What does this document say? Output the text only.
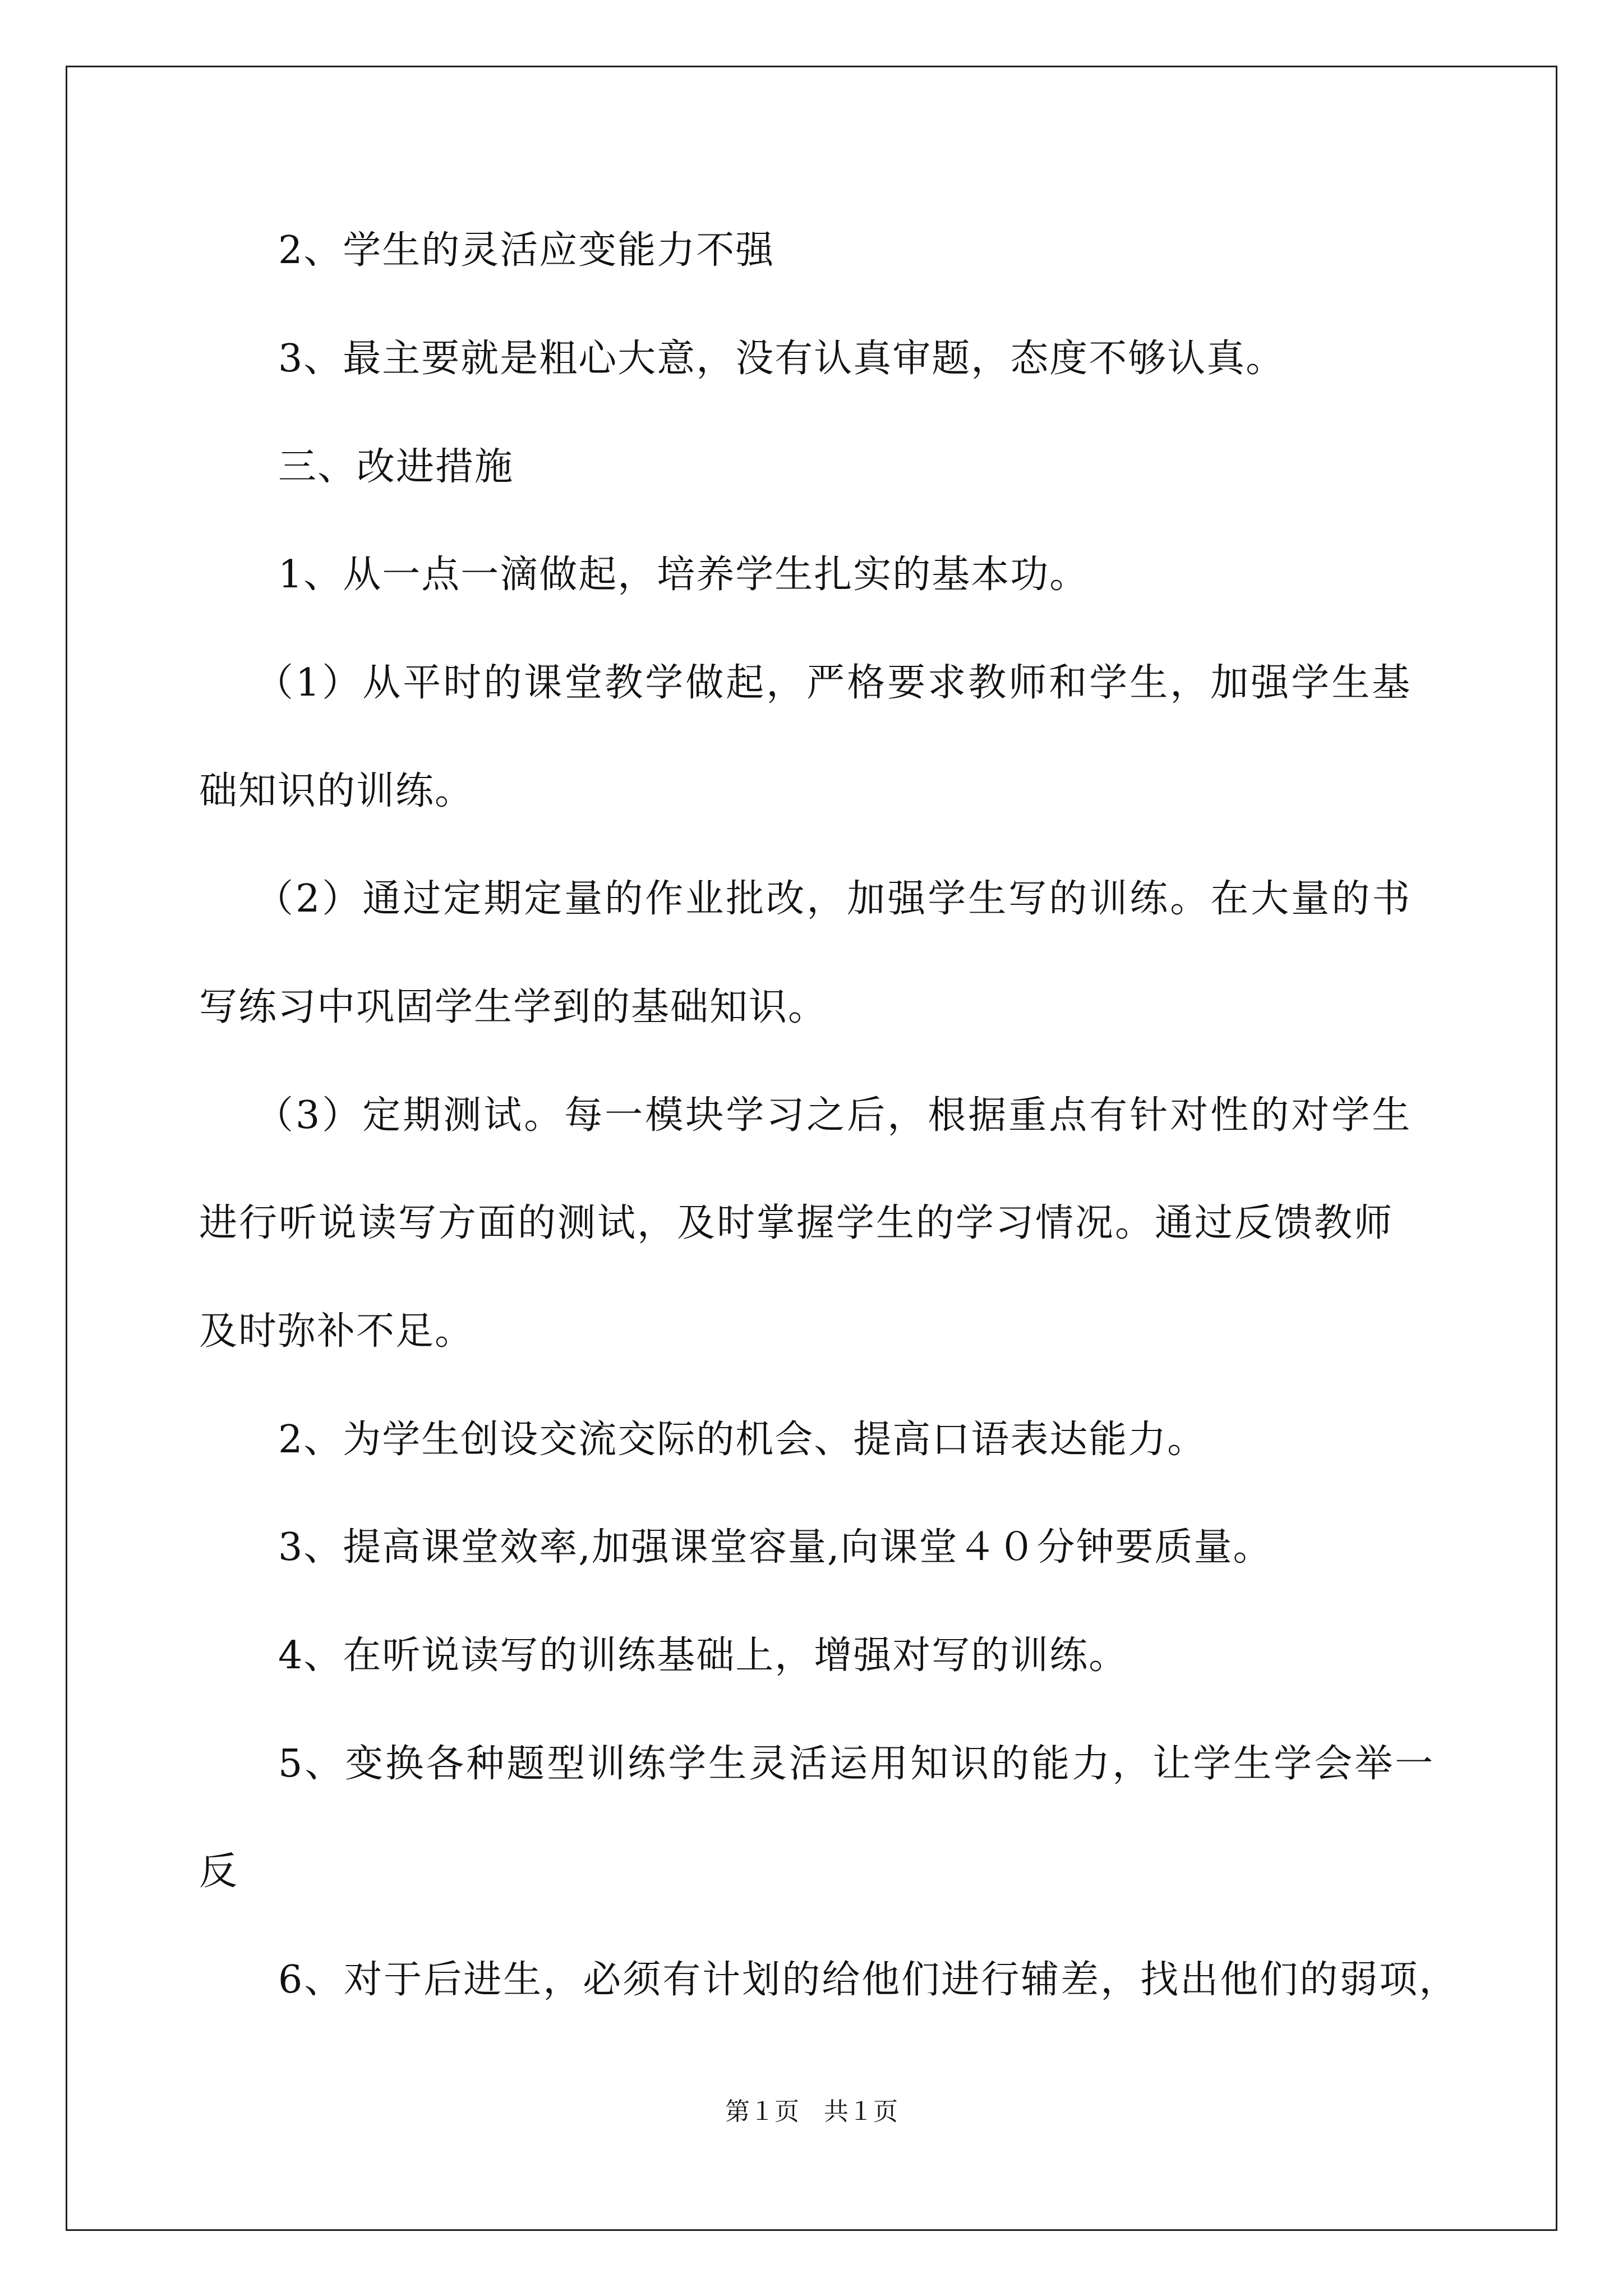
2、学生的灵活应变能力不强
3、最主要就是粗心大意，没有认真审题，态度不够认真。
三、改进措施
1、从一点一滴做起，培养学生扎实的基本功。
（1）从平时的课堂教学做起，严格要求教师和学生，加强学生基
础知识的训练。
（2）通过定期定量的作业批改，加强学生写的训练。在大量的书
写练习中巩固学生学到的基础知识。
（3）定期测试。每一模块学习之后，根据重点有针对性的对学生
进行听说读写方面的测试，及时掌握学生的学习情况。通过反馈教师
及时弥补不足。
2、为学生创设交流交际的机会、提高口语表达能力。
3、提高课堂效率,加强课堂容量,向课堂４０分钟要质量。
4、在听说读写的训练基础上，增强对写的训练。
5、变换各种题型训练学生灵活运用知识的能力，让学生学会举一
反
6、对于后进生，必须有计划的给他们进行辅差，找出他们的弱项，
第１页　共１页
